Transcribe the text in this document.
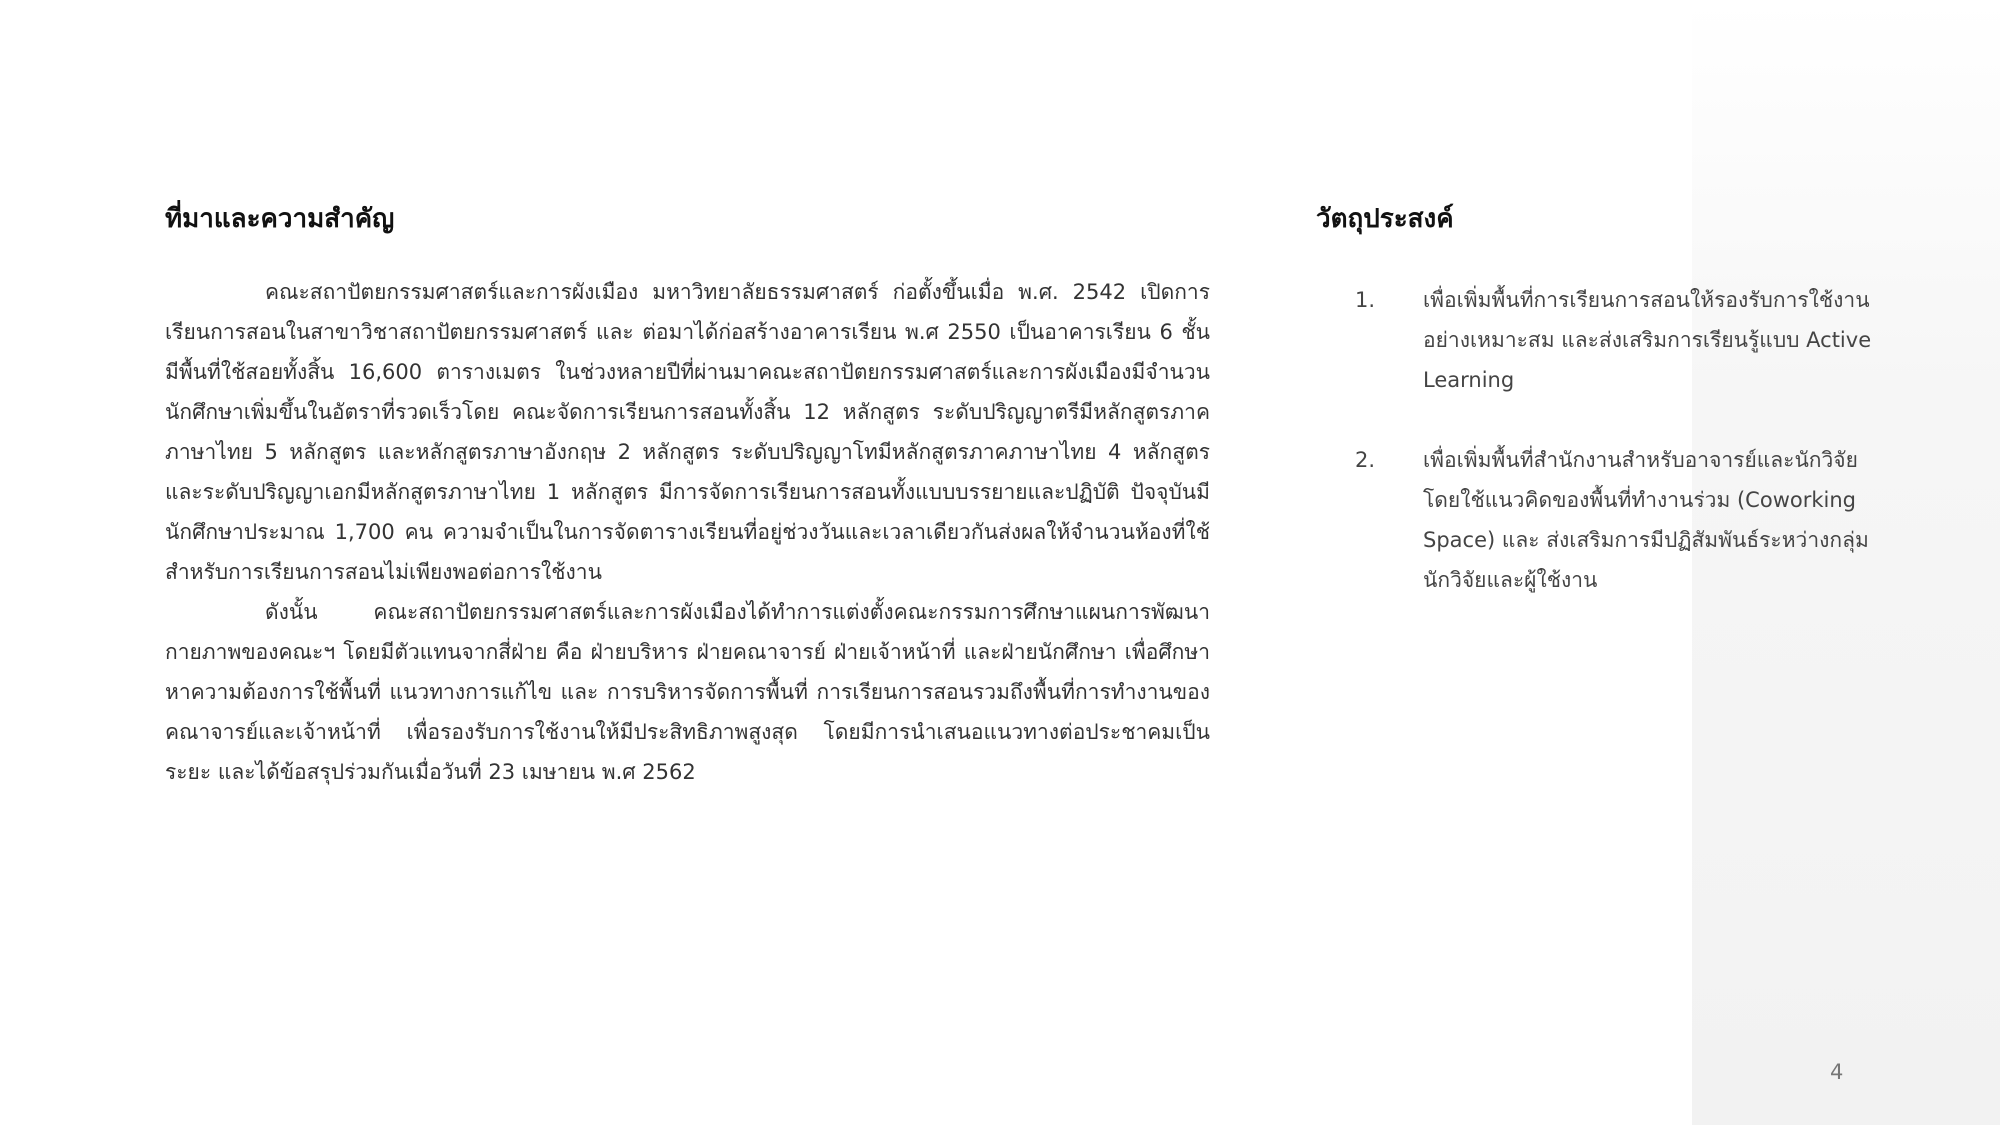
ที่มาและความสำคัญ

คณะสถาปัตยกรรมศาสตร์และการผังเมือง มหาวิทยาลัยธรรมศาสตร์ ก่อตั้งขึ้นเมื่อ พ.ศ. 2542 เปิดการเรียนการสอนในสาขาวิชาสถาปัตยกรรมศาสตร์ และ ต่อมาได้ก่อสร้างอาคารเรียน พ.ศ 2550 เป็นอาคารเรียน 6 ชั้น มีพื้นที่ใช้สอยทั้งสิ้น 16,600 ตารางเมตร ในช่วงหลายปีที่ผ่านมาคณะสถาปัตยกรรมศาสตร์และการผังเมืองมีจำนวนนักศึกษาเพิ่มขึ้นในอัตราที่รวดเร็วโดย คณะจัดการเรียนการสอนทั้งสิ้น 12 หลักสูตร ระดับปริญญาตรีมีหลักสูตรภาคภาษาไทย 5 หลักสูตร และหลักสูตรภาษาอังกฤษ 2 หลักสูตร ระดับปริญญาโทมีหลักสูตรภาคภาษาไทย 4 หลักสูตร และระดับปริญญาเอกมีหลักสูตรภาษาไทย 1 หลักสูตร มีการจัดการเรียนการสอนทั้งแบบบรรยายและปฏิบัติ ปัจจุบันมีนักศึกษาประมาณ 1,700 คน ความจำเป็นในการจัดตารางเรียนที่อยู่ช่วงวันและเวลาเดียวกันส่งผลให้จำนวนห้องที่ใช้สำหรับการเรียนการสอนไม่เพียงพอต่อการใช้งาน

ดังนั้น คณะสถาปัตยกรรมศาสตร์และการผังเมืองได้ทำการแต่งตั้งคณะกรรมการศึกษาแผนการพัฒนากายภาพของคณะฯ โดยมีตัวแทนจากสี่ฝ่าย คือ ฝ่ายบริหาร ฝ่ายคณาจารย์ ฝ่ายเจ้าหน้าที่ และฝ่ายนักศึกษา เพื่อศึกษาหาความต้องการใช้พื้นที่ แนวทางการแก้ไข และ การบริหารจัดการพื้นที่ การเรียนการสอนรวมถึงพื้นที่การทำงานของ คณาจารย์และเจ้าหน้าที่ เพื่อรองรับการใช้งานให้มีประสิทธิภาพสูงสุด โดยมีการนำเสนอแนวทางต่อประชาคมเป็นระยะ และได้ข้อสรุปร่วมกันเมื่อวันที่ 23 เมษายน พ.ศ 2562

วัตถุประสงค์
1.	เพื่อเพิ่มพื้นที่การเรียนการสอนให้รองรับการใช้งานอย่างเหมาะสม และส่งเสริมการเรียนรู้แบบ Active Learning
2.	เพื่อเพิ่มพื้นที่สำนักงานสำหรับอาจารย์และนักวิจัย โดยใช้แนวคิดของพื้นที่ทำงานร่วม (Coworking Space) และ ส่งเสริมการมีปฏิสัมพันธ์ระหว่างกลุ่มนักวิจัยและผู้ใช้งาน
4
